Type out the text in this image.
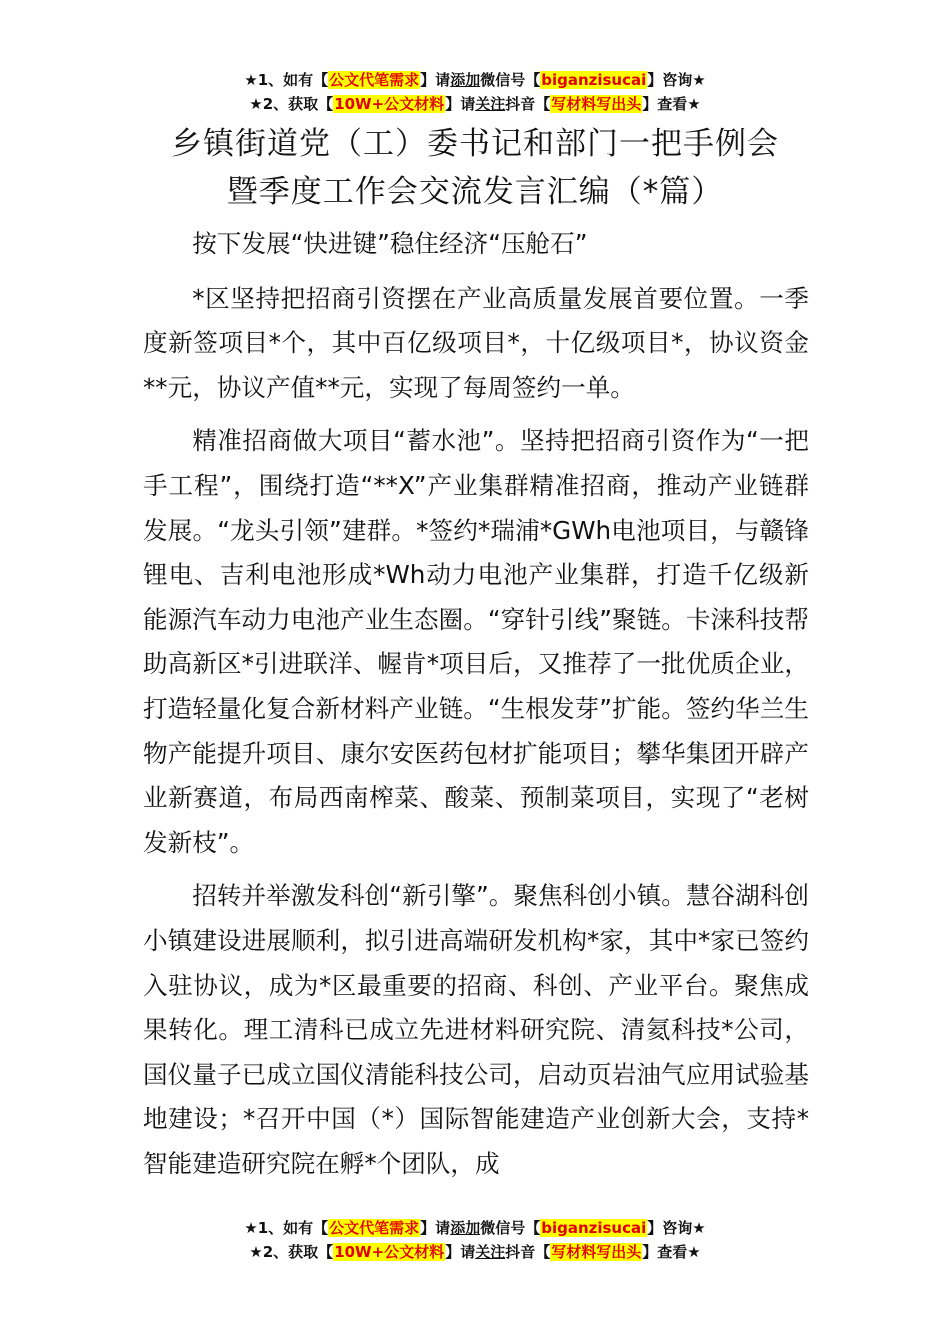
★1、如有【公文代笔需求】请添加微信号【biganzisucai】咨询★
★2、获取【10W+公文材料】请关注抖音【写材料写出头】查看★
乡镇街道党（工）委书记和部门一把手例会
暨季度工作会交流发言汇编（*篇）

按下发展“快进键”稳住经济“压舱石”

*区坚持把招商引资摆在产业高质量发展首要位置。一季度新签项目*个，其中百亿级项目*，十亿级项目*，协议资金**元，协议产值**元，实现了每周签约一单。

精准招商做大项目“蓄水池”。坚持把招商引资作为“一把手工程”，围绕打造“**X”产业集群精准招商，推动产业链群发展。“龙头引领”建群。*签约*瑞浦*GWh电池项目，与赣锋锂电、吉利电池形成*Wh动力电池产业集群，打造千亿级新能源汽车动力电池产业生态圈。“穿针引线”聚链。卡涞科技帮助高新区*引进联洋、幄肯*项目后，又推荐了一批优质企业，打造轻量化复合新材料产业链。“生根发芽”扩能。签约华兰生物产能提升项目、康尔安医药包材扩能项目；攀华集团开辟产业新赛道，布局西南榨菜、酸菜、预制菜项目，实现了“老树发新枝”。

招转并举激发科创“新引擎”。聚焦科创小镇。慧谷湖科创小镇建设进展顺利，拟引进高端研发机构*家，其中*家已签约入驻协议，成为*区最重要的招商、科创、产业平台。聚焦成果转化。理工清科已成立先进材料研究院、清氦科技*公司，国仪量子已成立国仪清能科技公司，启动页岩油气应用试验基地建设；*召开中国（*）国际智能建造产业创新大会，支持*智能建造研究院在孵*个团队，成

★1、如有【公文代笔需求】请添加微信号【biganzisucai】咨询★
★2、获取【10W+公文材料】请关注抖音【写材料写出头】查看★
